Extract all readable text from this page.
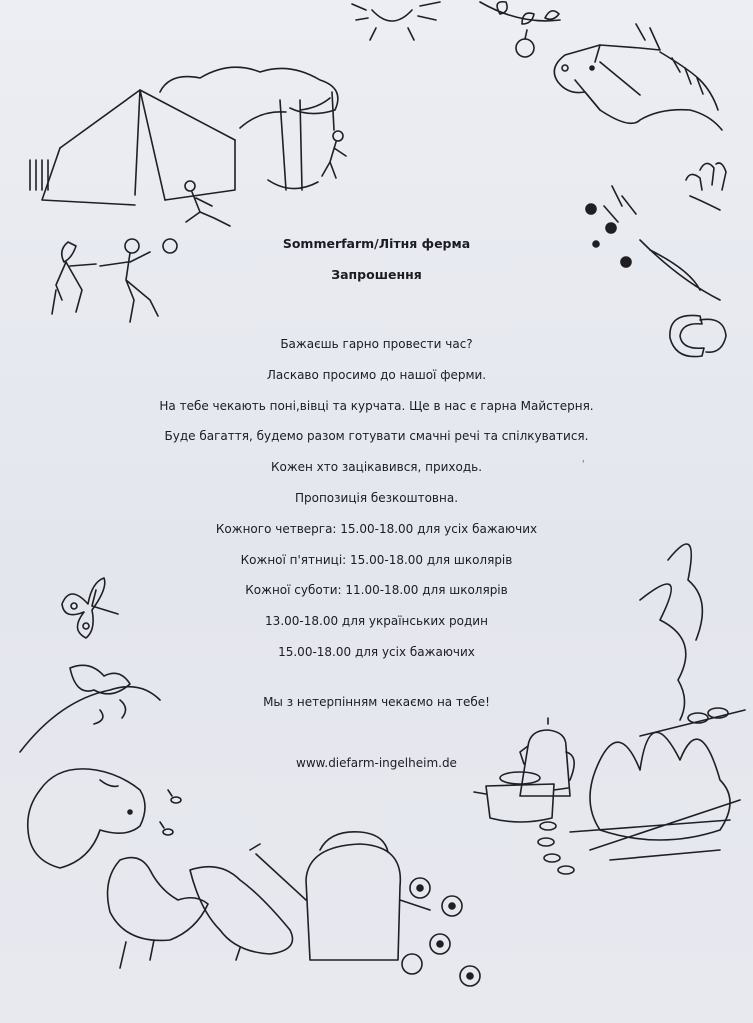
Sommerfarm/Літня ферма
Запрошення
Бажаєшь гарно провести час?
Ласкаво просимо до нашої ферми.
На тебе чекають поні,вівці та курчата. Ще в нас є гарна Майстерня.
Буде багаття, будемо разом готувати смачні речі та спілкуватися.
Кожен хто зацікавився, приходь.
Пропозиція безкоштовна.
Кожного четверга: 15.00-18.00 для усіх бажаючих
Кожної п'ятниці: 15.00-18.00 для школярів
Кожної суботи: 11.00-18.00 для школярів
13.00-18.00 для українських родин
15.00-18.00 для усіх бажаючих
ʾ
Мы з нетерпінням чекаємо на тебе!
www.diefarm-ingelheim.de
